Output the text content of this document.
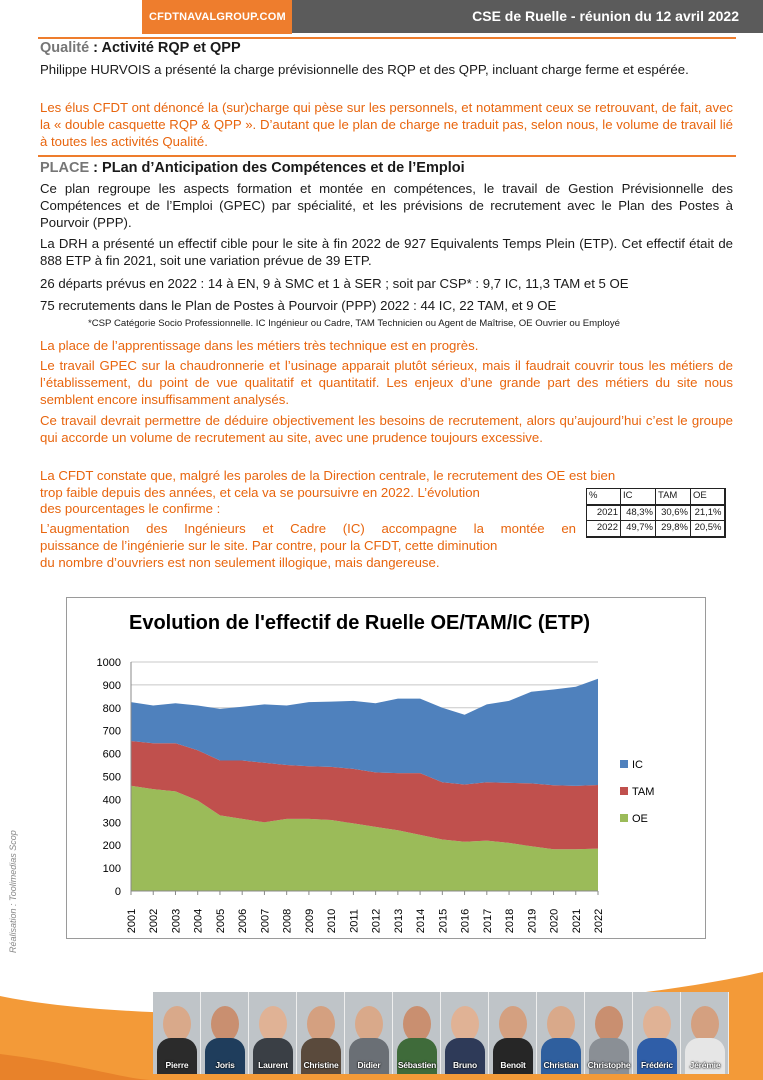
CFDTNAVALGROUP.COM	CSE de Ruelle - réunion du 12 avril 2022
Qualité : Activité RQP et QPP
Philippe HURVOIS a présenté la charge prévisionnelle des RQP et des QPP, incluant charge ferme et espérée.
Les élus CFDT ont dénoncé la (sur)charge qui pèse sur les personnels, et notamment ceux se retrouvant, de fait, avec la « double casquette RQP & QPP ». D’autant que le plan de charge ne traduit pas, selon nous, le volume de travail lié à toutes les activités Qualité.
PLACE : PLan d’Anticipation des Compétences et de l’Emploi
Ce plan regroupe les aspects formation et montée en compétences, le travail de Gestion Prévisionnelle des Compétences et de l’Emploi (GPEC) par spécialité, et les prévisions de recrutement avec le Plan des Postes à Pourvoir (PPP).
La DRH a présenté un effectif cible pour le site à fin 2022 de 927 Equivalents Temps Plein (ETP). Cet effectif était de 888 ETP à fin 2021, soit une variation prévue de 39 ETP.
26 départs prévus en 2022 : 14 à EN, 9 à SMC et 1 à SER ; soit par CSP* : 9,7 IC, 11,3 TAM et 5 OE
75 recrutements dans le Plan de Postes à Pourvoir (PPP) 2022 : 44 IC, 22 TAM, et 9 OE
*CSP Catégorie Socio Professionnelle. IC Ingénieur ou Cadre, TAM Technicien ou Agent de Maîtrise, OE Ouvrier ou Employé
La place de l’apprentissage dans les métiers très technique est en progrès.
Le travail GPEC sur la chaudronnerie et l’usinage apparait plutôt sérieux, mais il faudrait couvrir tous les métiers de l’établissement, du point de vue qualitatif et quantitatif. Les enjeux d’une grande part des métiers du site nous semblent encore insuffisamment analysés.
Ce travail devrait permettre de déduire objectivement les besoins de recrutement, alors qu’aujourd’hui c’est le groupe qui accorde un volume de recrutement au site, avec une prudence toujours excessive.
La CFDT constate que, malgré les paroles de la Direction centrale, le recrutement des OE est bien
trop faible depuis des années, et cela va se poursuivre en 2022. L’évolution
des pourcentages le confirme :
L’augmentation des Ingénieurs et Cadre (IC) accompagne la montée en
puissance de l’ingénierie sur le site. Par contre, pour la CFDT, cette diminution
du nombre d’ouvriers est non seulement illogique, mais dangereuse.
%	IC	TAM	OE
2021	48,3%	30,6%	21,1%
2022	49,7%	29,8%	20,5%
Evolution de l'effectif de Ruelle OE/TAM/IC (ETP)
0
100
200
300
400
500
600
700
800
900
1000
2001 2002 2003 2004 2005 2006 2007 2008 2009 2010 2011 2012 2013 2014 2015 2016 2017 2018 2019 2020 2021 2022
IC
TAM
OE
Réalisation : Toolimedias Scop
Pierre	Joris	Laurent	Christine	Didier	Sébastien	Bruno	Benoît	Christian	Christophe	Frédéric	Jérémie
